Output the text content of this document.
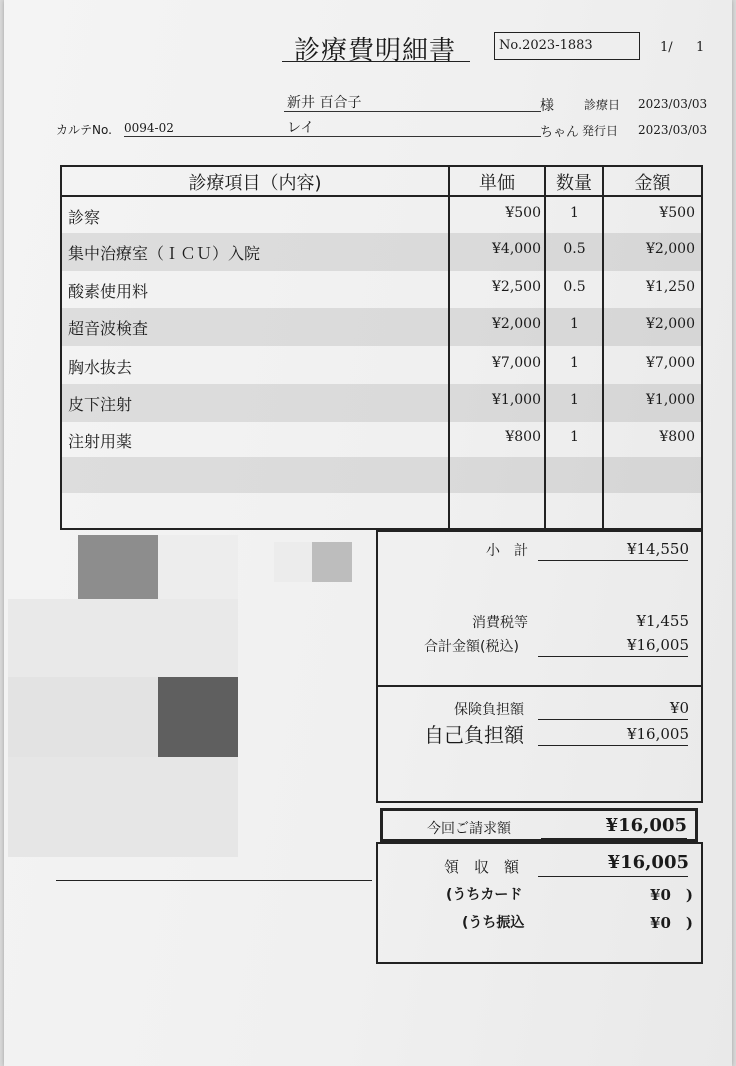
診療費明細書	No.2023-1883	1/ 1
新井 百合子	様	診療日 2023/03/03
カルテNo. 0094-02	レイ	ちゃん 発行日 2023/03/03
診療項目（内容)	単価	数量	金額
診察	¥500	1	¥500
集中治療室（ＩＣＵ）入院	¥4,000	0.5	¥2,000
酸素使用料	¥2,500	0.5	¥1,250
超音波検査	¥2,000	1	¥2,000
胸水抜去	¥7,000	1	¥7,000
皮下注射	¥1,000	1	¥1,000
注射用薬	¥800	1	¥800
小　計	¥14,550
消費税等	¥1,455
合計金額(税込)	¥16,005
保険負担額	¥0
自己負担額	¥16,005
今回ご請求額	¥16,005
領　収　額	¥16,005
(うちカード	¥0　)
(うち振込	¥0　)
